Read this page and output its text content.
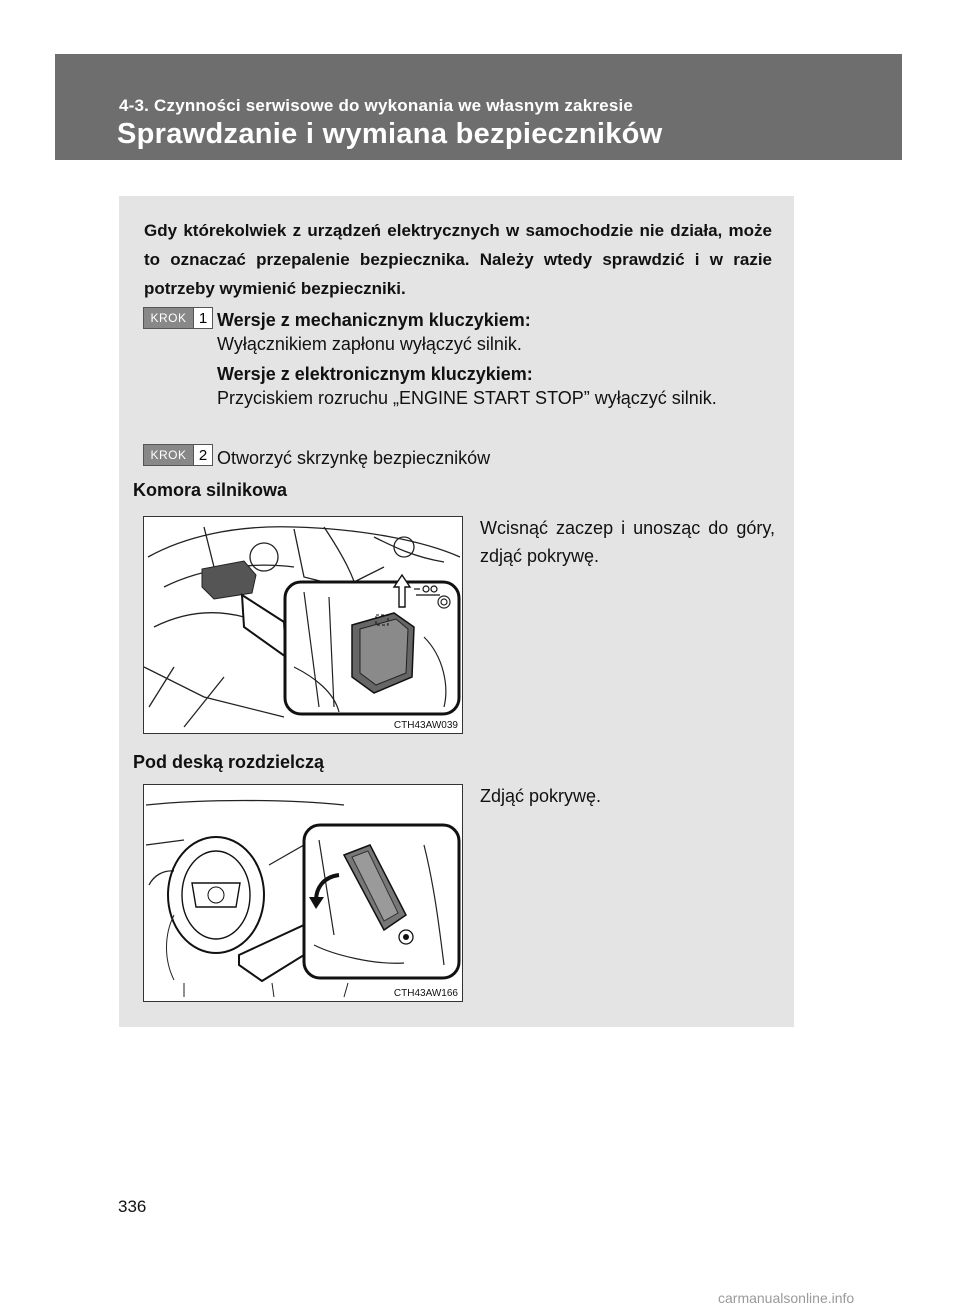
4-3. Czynności serwisowe do wykonania we własnym zakresie
Sprawdzanie i wymiana bezpieczników
Gdy którekolwiek z urządzeń elektrycznych w samochodzie nie działa, może to oznaczać przepalenie bezpiecznika. Należy wtedy sprawdzić i w razie potrzeby wymienić bezpieczniki.
KROK 1 Wersje z mechanicznym kluczykiem:
Wyłącznikiem zapłonu wyłączyć silnik.
Wersje z elektronicznym kluczykiem:
Przyciskiem rozruchu „ENGINE START STOP” wyłączyć silnik.
KROK 2 Otworzyć skrzynkę bezpieczników
Komora silnikowa
CTH43AW039
Wcisnąć zaczep i unosząc do góry, zdjąć pokrywę.
Pod deską rozdzielczą
CTH43AW166
Zdjąć pokrywę.
336
carmanualsonline.info
